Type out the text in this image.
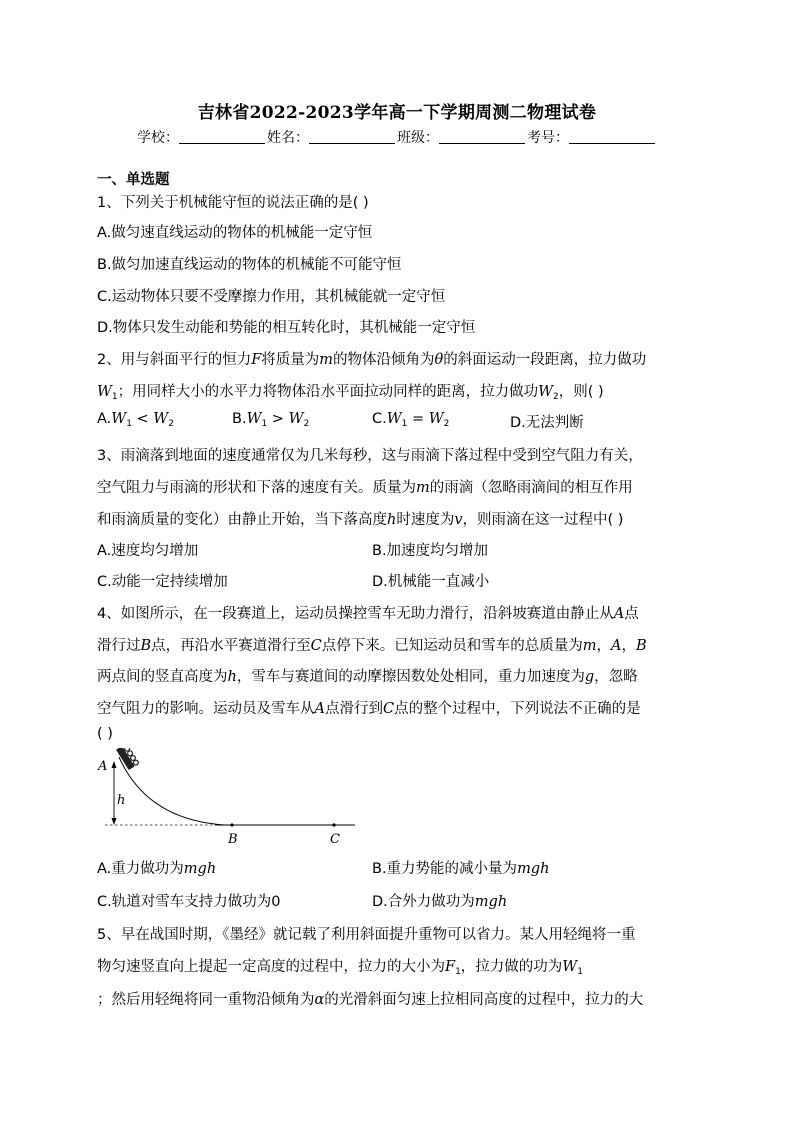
吉林省2022-2023学年高一下学期周测二物理试卷
学校：	姓名：	班级：	考号：
一、单选题
1、下列关于机械能守恒的说法正确的是( )
A.做匀速直线运动的物体的机械能一定守恒
B.做匀加速直线运动的物体的机械能不可能守恒
C.运动物体只要不受摩擦力作用，其机械能就一定守恒
D.物体只发生动能和势能的相互转化时，其机械能一定守恒
2、用与斜面平行的恒力F将质量为m的物体沿倾角为θ的斜面运动一段距离，拉力做功
$W_1$；用同样大小的水平力将物体沿水平面拉动同样的距离，拉力做功$W_2$，则( )
$A.W_1 < W_2$	$B.W_1 > W_2$	$C.W_1 = W_2$	D.无法判断
3、雨滴落到地面的速度通常仅为几米每秒，这与雨滴下落过程中受到空气阻力有关，
空气阻力与雨滴的形状和下落的速度有关。质量为m的雨滴（忽略雨滴间的相互作用
和雨滴质量的变化）由静止开始，当下落高度h时速度为v，则雨滴在这一过程中( )
A.速度均匀增加	B.加速度均匀增加
C.动能一定持续增加	D.机械能一直减小
4、如图所示，在一段赛道上，运动员操控雪车无助力滑行，沿斜坡赛道由静止从A点
滑行过B点，再沿水平赛道滑行至C点停下来。已知运动员和雪车的总质量为m，A，B
两点间的竖直高度为h，雪车与赛道间的动摩擦因数处处相同，重力加速度为g，忽略
空气阻力的影响。运动员及雪车从A点滑行到C点的整个过程中，下列说法不正确的是
( )
A
h
B	C
A.重力做功为mgh	B.重力势能的减小量为mgh
C.轨道对雪车支持力做功为0	D.合外力做功为mgh
5、早在战国时期，《墨经》就记载了利用斜面提升重物可以省力。某人用轻绳将一重
物匀速竖直向上提起一定高度的过程中，拉力的大小为$F_1$，拉力做的功为$W_1$
；然后用轻绳将同一重物沿倾角为α的光滑斜面匀速上拉相同高度的过程中，拉力的大
